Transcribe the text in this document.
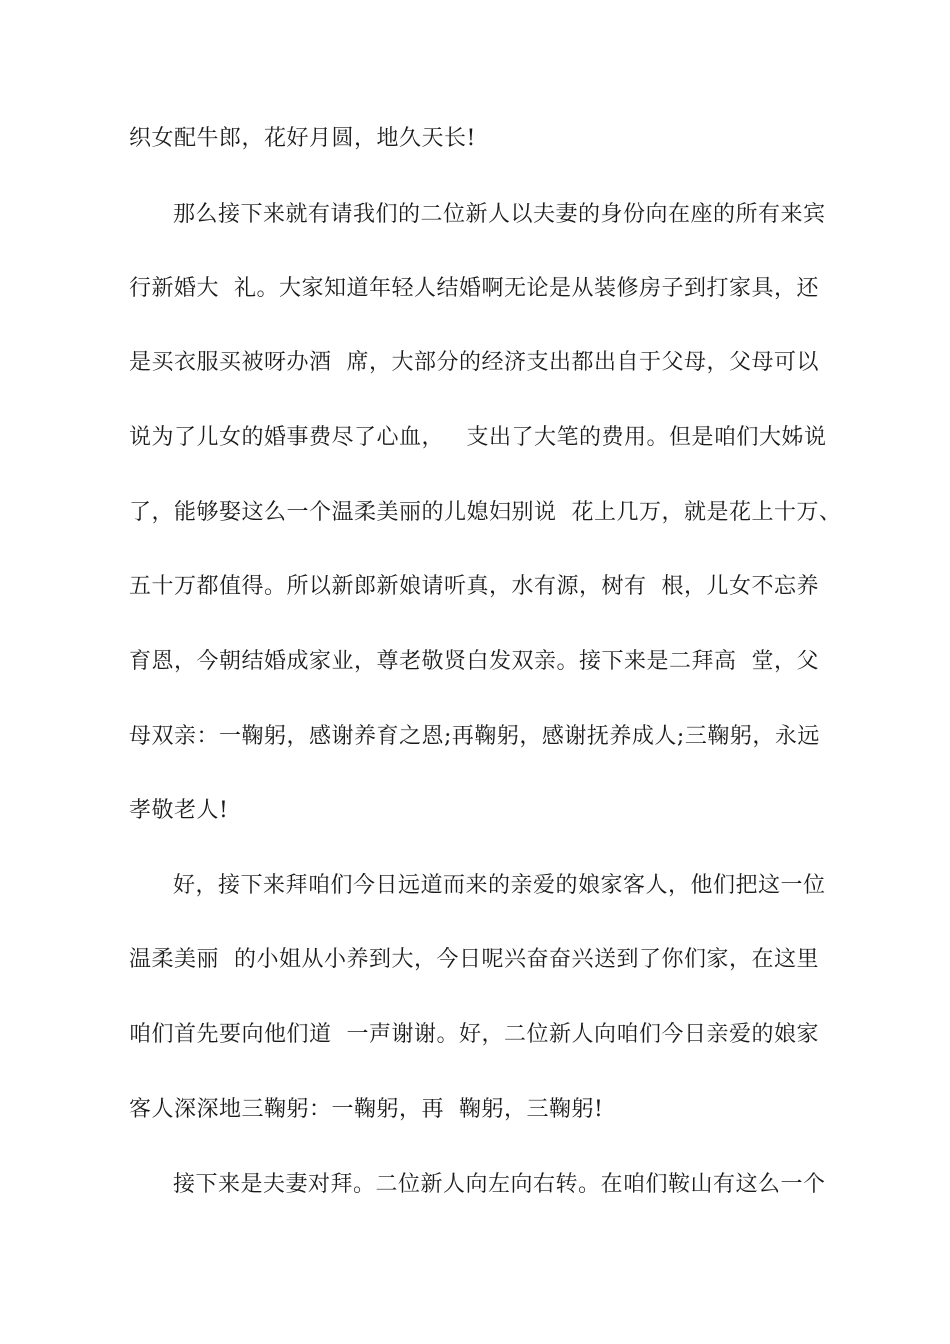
织女配牛郎，花好月圆，地久天长!
那么接下来就有请我们的二位新人以夫妻的身份向在座的所有来宾
行新婚大  礼。大家知道年轻人结婚啊无论是从装修房子到打家具，还
是买衣服买被呀办酒  席，大部分的经济支出都出自于父母，父母可以
说为了儿女的婚事费尽了心血，   支出了大笔的费用。但是咱们大姊说
了，能够娶这么一个温柔美丽的儿媳妇别说  花上几万，就是花上十万、
五十万都值得。所以新郎新娘请听真，水有源，树有  根，儿女不忘养
育恩，今朝结婚成家业，尊老敬贤白发双亲。接下来是二拜高  堂，父
母双亲：一鞠躬，感谢养育之恩;再鞠躬，感谢抚养成人;三鞠躬，永远
孝敬老人!
好，接下来拜咱们今日远道而来的亲爱的娘家客人，他们把这一位
温柔美丽  的小姐从小养到大，今日呢兴奋奋兴送到了你们家，在这里
咱们首先要向他们道  一声谢谢。好，二位新人向咱们今日亲爱的娘家
客人深深地三鞠躬：一鞠躬，再  鞠躬，三鞠躬!
接下来是夫妻对拜。二位新人向左向右转。在咱们鞍山有这么一个
